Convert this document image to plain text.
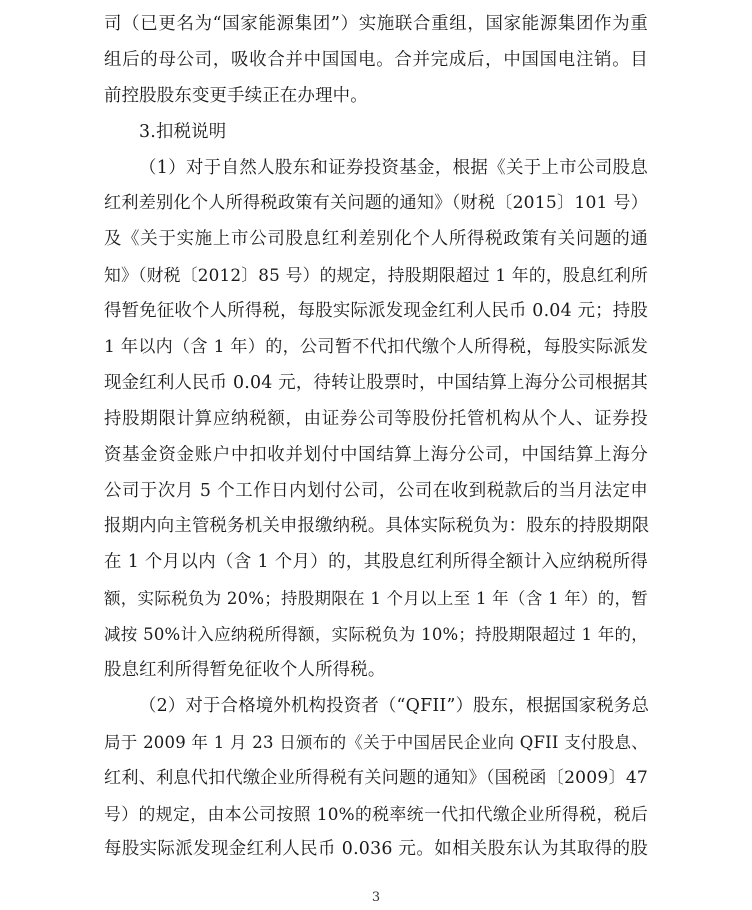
司（已更名为“国家能源集团”）实施联合重组，国家能源集团作为重
组后的母公司，吸收合并中国国电。合并完成后，中国国电注销。目
前控股股东变更手续正在办理中。
3.扣税说明
（1）对于自然人股东和证券投资基金，根据《关于上市公司股息
红利差别化个人所得税政策有关问题的通知》（财税〔2015〕101 号）
及《关于实施上市公司股息红利差别化个人所得税政策有关问题的通
知》（财税〔2012〕85 号）的规定，持股期限超过 1 年的，股息红利所
得暂免征收个人所得税，每股实际派发现金红利人民币 0.04 元；持股
1 年以内（含 1 年）的，公司暂不代扣代缴个人所得税，每股实际派发
现金红利人民币 0.04 元，待转让股票时，中国结算上海分公司根据其
持股期限计算应纳税额，由证券公司等股份托管机构从个人、证券投
资基金资金账户中扣收并划付中国结算上海分公司，中国结算上海分
公司于次月 5 个工作日内划付公司，公司在收到税款后的当月法定申
报期内向主管税务机关申报缴纳税。具体实际税负为：股东的持股期限
在 1 个月以内（含 1 个月）的，其股息红利所得全额计入应纳税所得
额，实际税负为 20%；持股期限在 1 个月以上至 1 年（含 1 年）的，暂
减按 50%计入应纳税所得额，实际税负为 10%；持股期限超过 1 年的，
股息红利所得暂免征收个人所得税。
（2）对于合格境外机构投资者（“QFII”）股东，根据国家税务总
局于 2009 年 1 月 23 日颁布的《关于中国居民企业向 QFII 支付股息、
红利、利息代扣代缴企业所得税有关问题的通知》（国税函〔2009〕47
号）的规定，由本公司按照 10%的税率统一代扣代缴企业所得税，税后
每股实际派发现金红利人民币 0.036 元。如相关股东认为其取得的股
3
